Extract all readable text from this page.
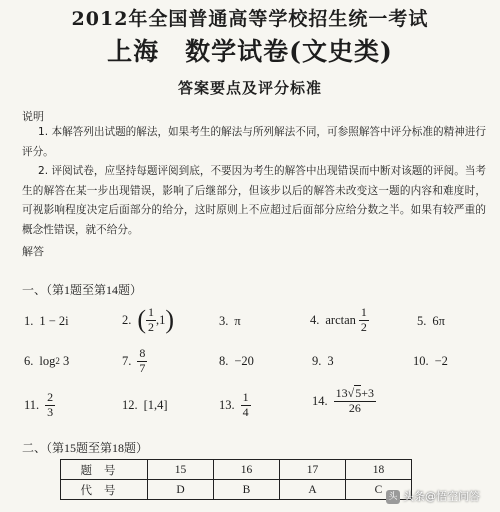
2012年全国普通高等学校招生统一考试
上海 数学试卷(文史类)
答案要点及评分标准
说明
1. 本解答列出试题的解法，如果考生的解法与所列解法不同，可参照解答中评分标准的精神进行评分。
2. 评阅试卷，应坚持每题评阅到底，不要因为考生的解答中出现错误而中断对该题的评阅。当考生的解答在某一步出现错误，影响了后继部分，但该步以后的解答未改变这一题的内容和难度时，可视影响程度决定后面部分的给分，这时原则上不应超过后面部分应给分数之半。如果有较严重的概念性错误，就不给分。
解答
一、（第1题至第14题）
1. 1 − 2i	2. ( $\frac{1}{2} ,1$ )	3. π	4. $\arctan \frac{1}{2}$	5. 6π
6. log 2 3	7. $\frac{8}{7}$	8. −20	9. 3	10. −2
11. $\frac{2}{3}$	12. [1,4]	13. $\frac{1}{4}$	14. $\frac{13√5+3}{26}$
二、（第15题至第18题）
题号	15	16	17	18
代号	D	B	A	C
头 头条@悟空问答
